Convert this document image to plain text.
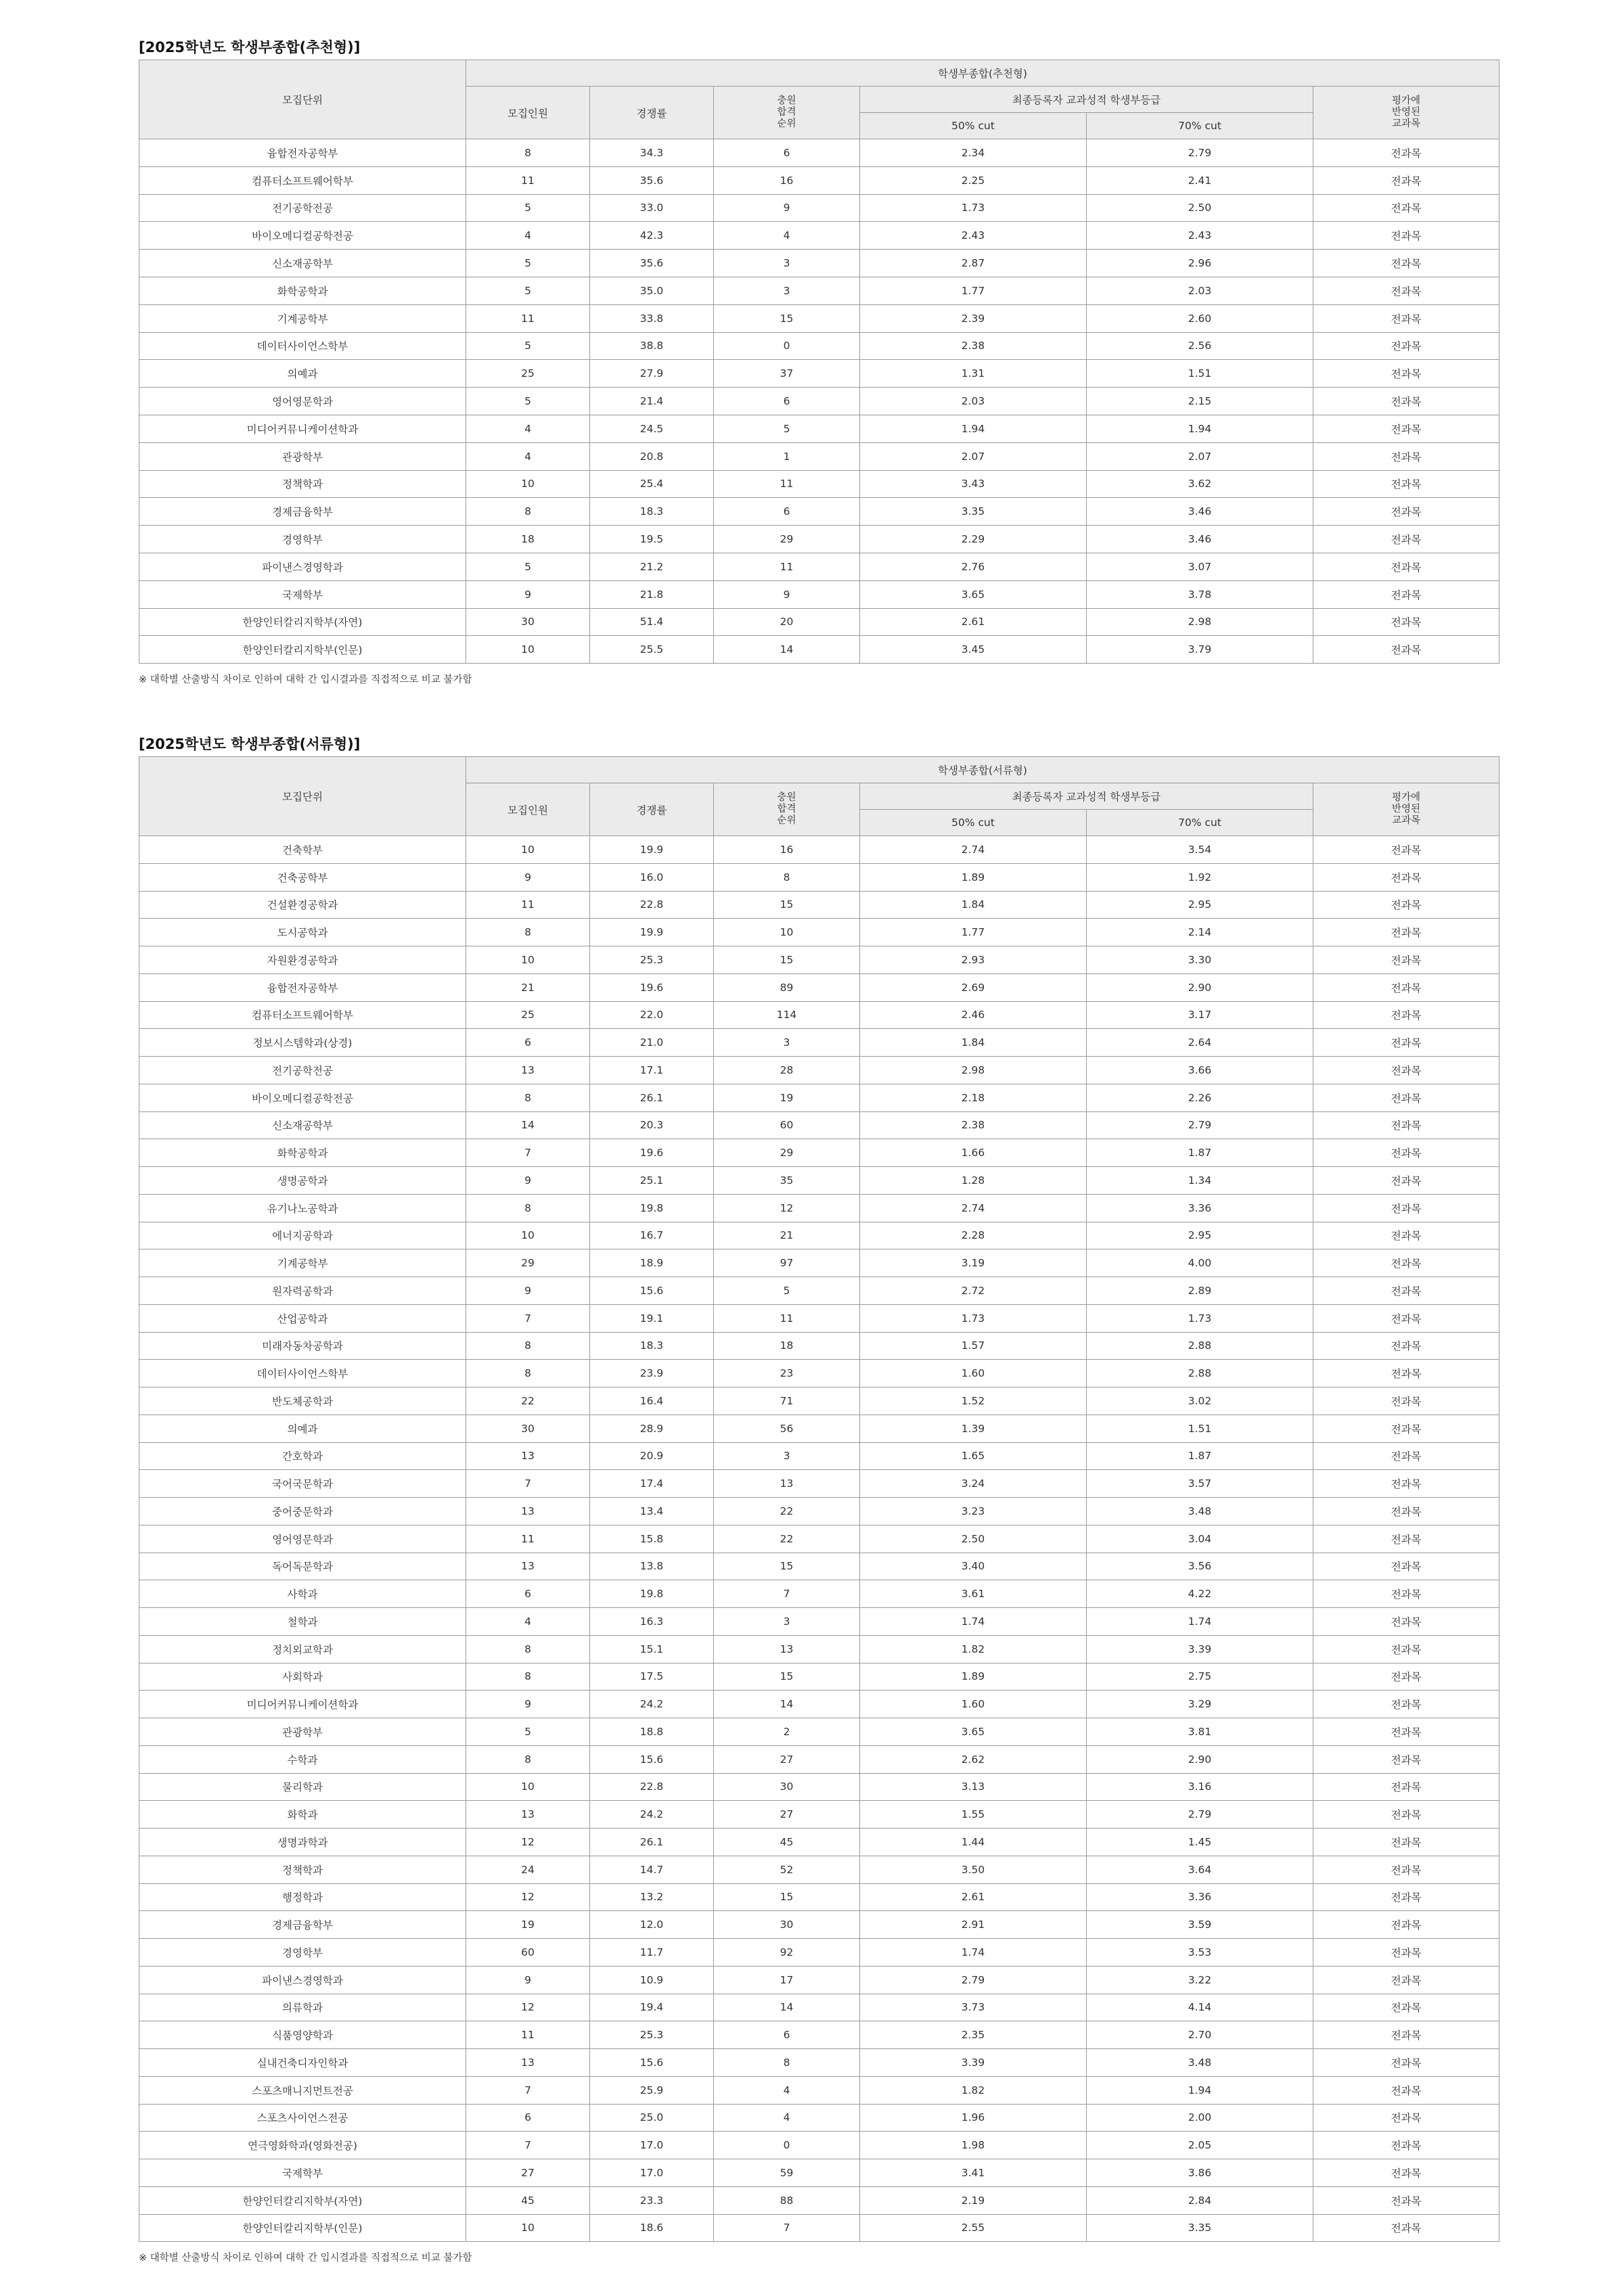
[2025학년도 학생부종합(추천형)]
모집단위	학생부종합(추천형)					
	모집인원	경쟁률	충원
합격
순위	최종등록자 교과성적 학생부등급		평가에
반영된
교과목
				50% cut	70% cut	
융합전자공학부	8	34.3	6	2.34	2.79	전과목
컴퓨터소프트웨어학부	11	35.6	16	2.25	2.41	전과목
전기공학전공	5	33.0	9	1.73	2.50	전과목
바이오메디컬공학전공	4	42.3	4	2.43	2.43	전과목
신소재공학부	5	35.6	3	2.87	2.96	전과목
화학공학과	5	35.0	3	1.77	2.03	전과목
기계공학부	11	33.8	15	2.39	2.60	전과목
데이터사이언스학부	5	38.8	0	2.38	2.56	전과목
의예과	25	27.9	37	1.31	1.51	전과목
영어영문학과	5	21.4	6	2.03	2.15	전과목
미디어커뮤니케이션학과	4	24.5	5	1.94	1.94	전과목
관광학부	4	20.8	1	2.07	2.07	전과목
정책학과	10	25.4	11	3.43	3.62	전과목
경제금융학부	8	18.3	6	3.35	3.46	전과목
경영학부	18	19.5	29	2.29	3.46	전과목
파이낸스경영학과	5	21.2	11	2.76	3.07	전과목
국제학부	9	21.8	9	3.65	3.78	전과목
한양인터칼리지학부(자연)	30	51.4	20	2.61	2.98	전과목
한양인터칼리지학부(인문)	10	25.5	14	3.45	3.79	전과목
※ 대학별 산출방식 차이로 인하여 대학 간 입시결과를 직접적으로 비교 불가함
[2025학년도 학생부종합(서류형)]
모집단위	학생부종합(서류형)					
	모집인원	경쟁률	충원
합격
순위	최종등록자 교과성적 학생부등급		평가에
반영된
교과목
				50% cut	70% cut	
건축학부	10	19.9	16	2.74	3.54	전과목
건축공학부	9	16.0	8	1.89	1.92	전과목
건설환경공학과	11	22.8	15	1.84	2.95	전과목
도시공학과	8	19.9	10	1.77	2.14	전과목
자원환경공학과	10	25.3	15	2.93	3.30	전과목
융합전자공학부	21	19.6	89	2.69	2.90	전과목
컴퓨터소프트웨어학부	25	22.0	114	2.46	3.17	전과목
정보시스템학과(상경)	6	21.0	3	1.84	2.64	전과목
전기공학전공	13	17.1	28	2.98	3.66	전과목
바이오메디컬공학전공	8	26.1	19	2.18	2.26	전과목
신소재공학부	14	20.3	60	2.38	2.79	전과목
화학공학과	7	19.6	29	1.66	1.87	전과목
생명공학과	9	25.1	35	1.28	1.34	전과목
유기나노공학과	8	19.8	12	2.74	3.36	전과목
에너지공학과	10	16.7	21	2.28	2.95	전과목
기계공학부	29	18.9	97	3.19	4.00	전과목
원자력공학과	9	15.6	5	2.72	2.89	전과목
산업공학과	7	19.1	11	1.73	1.73	전과목
미래자동차공학과	8	18.3	18	1.57	2.88	전과목
데이터사이언스학부	8	23.9	23	1.60	2.88	전과목
반도체공학과	22	16.4	71	1.52	3.02	전과목
의예과	30	28.9	56	1.39	1.51	전과목
간호학과	13	20.9	3	1.65	1.87	전과목
국어국문학과	7	17.4	13	3.24	3.57	전과목
중어중문학과	13	13.4	22	3.23	3.48	전과목
영어영문학과	11	15.8	22	2.50	3.04	전과목
독어독문학과	13	13.8	15	3.40	3.56	전과목
사학과	6	19.8	7	3.61	4.22	전과목
철학과	4	16.3	3	1.74	1.74	전과목
정치외교학과	8	15.1	13	1.82	3.39	전과목
사회학과	8	17.5	15	1.89	2.75	전과목
미디어커뮤니케이션학과	9	24.2	14	1.60	3.29	전과목
관광학부	5	18.8	2	3.65	3.81	전과목
수학과	8	15.6	27	2.62	2.90	전과목
물리학과	10	22.8	30	3.13	3.16	전과목
화학과	13	24.2	27	1.55	2.79	전과목
생명과학과	12	26.1	45	1.44	1.45	전과목
정책학과	24	14.7	52	3.50	3.64	전과목
행정학과	12	13.2	15	2.61	3.36	전과목
경제금융학부	19	12.0	30	2.91	3.59	전과목
경영학부	60	11.7	92	1.74	3.53	전과목
파이낸스경영학과	9	10.9	17	2.79	3.22	전과목
의류학과	12	19.4	14	3.73	4.14	전과목
식품영양학과	11	25.3	6	2.35	2.70	전과목
실내건축디자인학과	13	15.6	8	3.39	3.48	전과목
스포츠매니지먼트전공	7	25.9	4	1.82	1.94	전과목
스포츠사이언스전공	6	25.0	4	1.96	2.00	전과목
연극영화학과(영화전공)	7	17.0	0	1.98	2.05	전과목
국제학부	27	17.0	59	3.41	3.86	전과목
한양인터칼리지학부(자연)	45	23.3	88	2.19	2.84	전과목
한양인터칼리지학부(인문)	10	18.6	7	2.55	3.35	전과목
※ 대학별 산출방식 차이로 인하여 대학 간 입시결과를 직접적으로 비교 불가함
